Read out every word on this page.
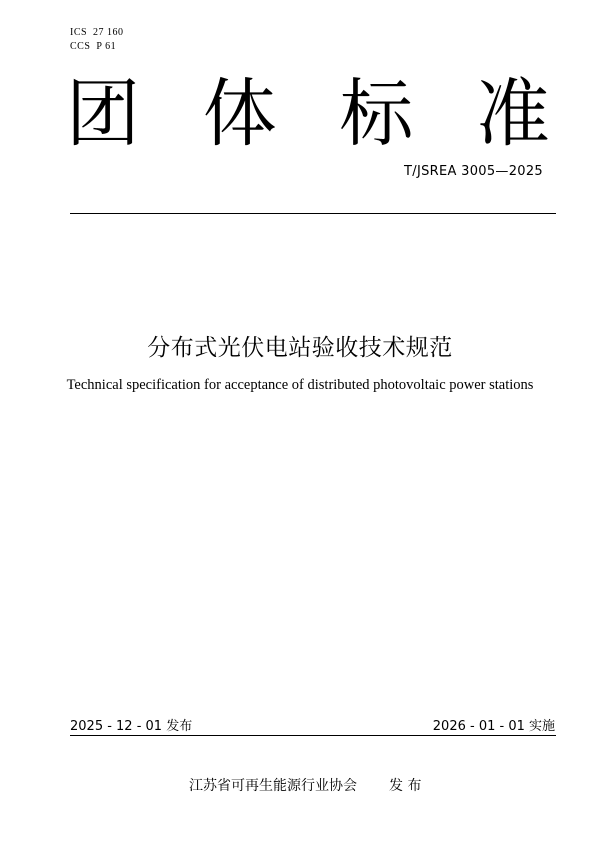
ICS  27 160
CCS  P 61
团 体 标 准
T/JSREA 3005—2025
分布式光伏电站验收技术规范
Technical specification for acceptance of distributed photovoltaic power stations
2025 - 12 - 01 发布	2026 - 01 - 01 实施
江苏省可再生能源行业协会 发 布
